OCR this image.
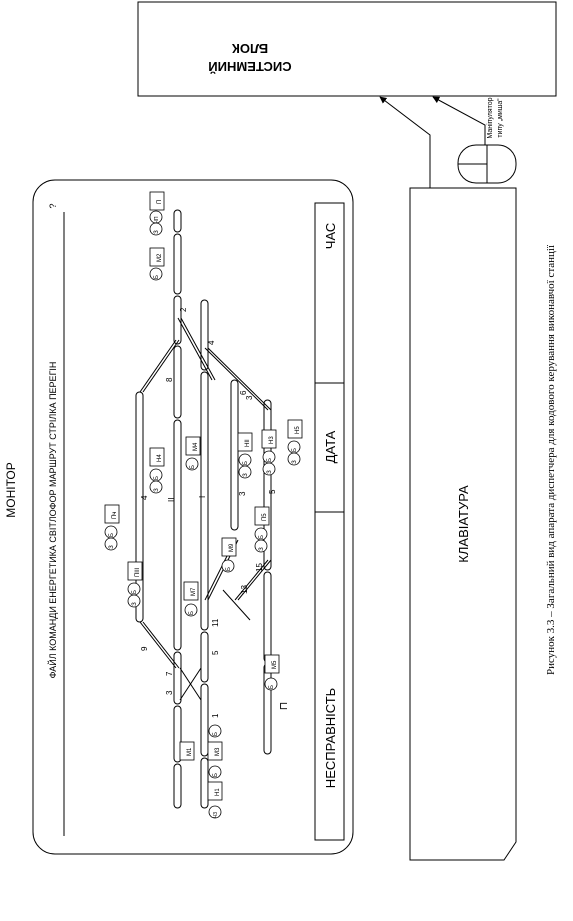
СИСТЕМНИЙ
БЛОК
Маніпулятор типу „миша“
КЛАВІАТУРА
МОНІТОР	ФАЙЛ КОМАНДИ ЕНЕРГЕТИКА СВІТЛОФОР МАРШРУТ СТРІЛКА ПЕРЕГІН
?
НЕСПРАВНІСТЬ
ДАТА
ЧАС
1
3
3
5
7
9
11
13
15
5
4
3
I
II
8
6
4
2
М1	М3
Н1
М5
П5
М7
ПIII
Пч
М4
Н4
М9
НII	Н3
Н5
М2
П
Б
Б
ЧЗ
Б
Б
З
Б
Б
З
Б
З
Б
Б
З
Б
Б
З
Б
З
Б
З
Б
ЧП
З
⊓
Рисунок 3.3 – Загальний вид апарата диспетчера для кодового керування виконавчої станції
